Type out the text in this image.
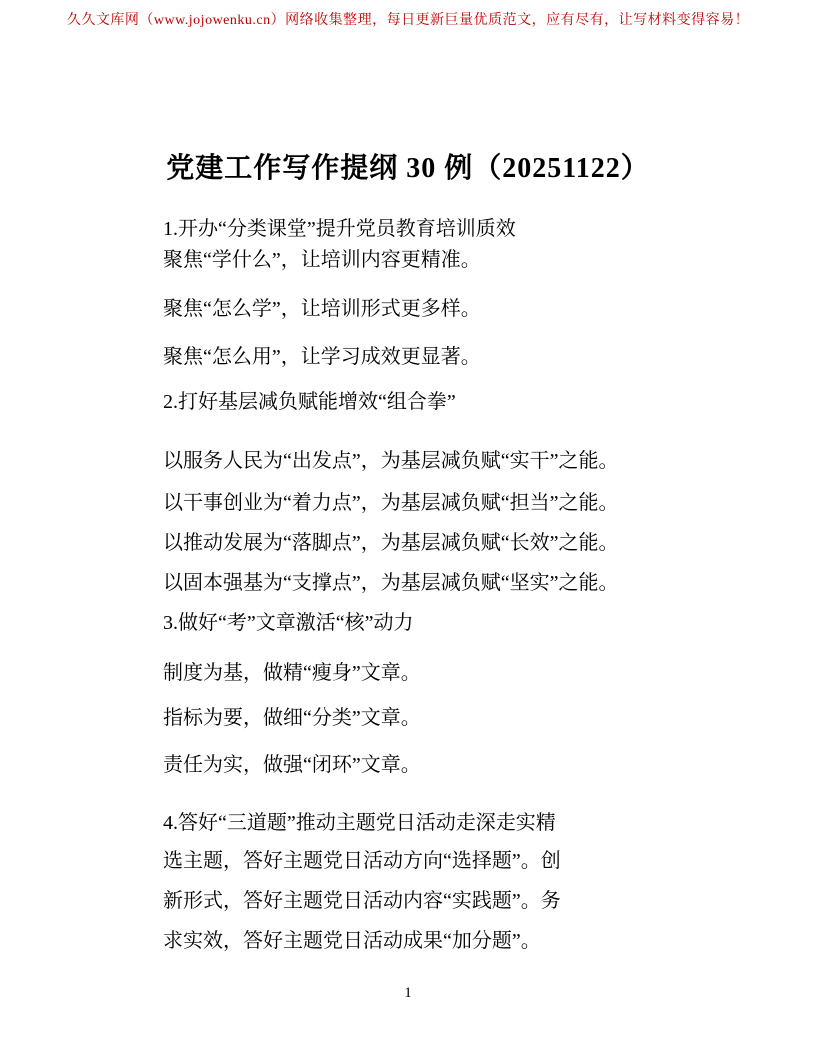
久久文库网（www.jojowenku.cn）网络收集整理，每日更新巨量优质范文，应有尽有，让写材料变得容易！
党建工作写作提纲 30 例（20251122）
1.开办“分类课堂”提升党员教育培训质效
聚焦“学什么”，让培训内容更精准。
聚焦“怎么学”，让培训形式更多样。
聚焦“怎么用”，让学习成效更显著。
2.打好基层减负赋能增效“组合拳”
以服务人民为“出发点”，为基层减负赋“实干”之能。
以干事创业为“着力点”，为基层减负赋“担当”之能。
以推动发展为“落脚点”，为基层减负赋“长效”之能。
以固本强基为“支撑点”，为基层减负赋“坚实”之能。
3.做好“考”文章激活“核”动力
制度为基，做精“瘦身”文章。
指标为要，做细“分类”文章。
责任为实，做强“闭环”文章。
4.答好“三道题”推动主题党日活动走深走实精
选主题，答好主题党日活动方向“选择题”。创
新形式，答好主题党日活动内容“实践题”。务
求实效，答好主题党日活动成果“加分题”。
1
